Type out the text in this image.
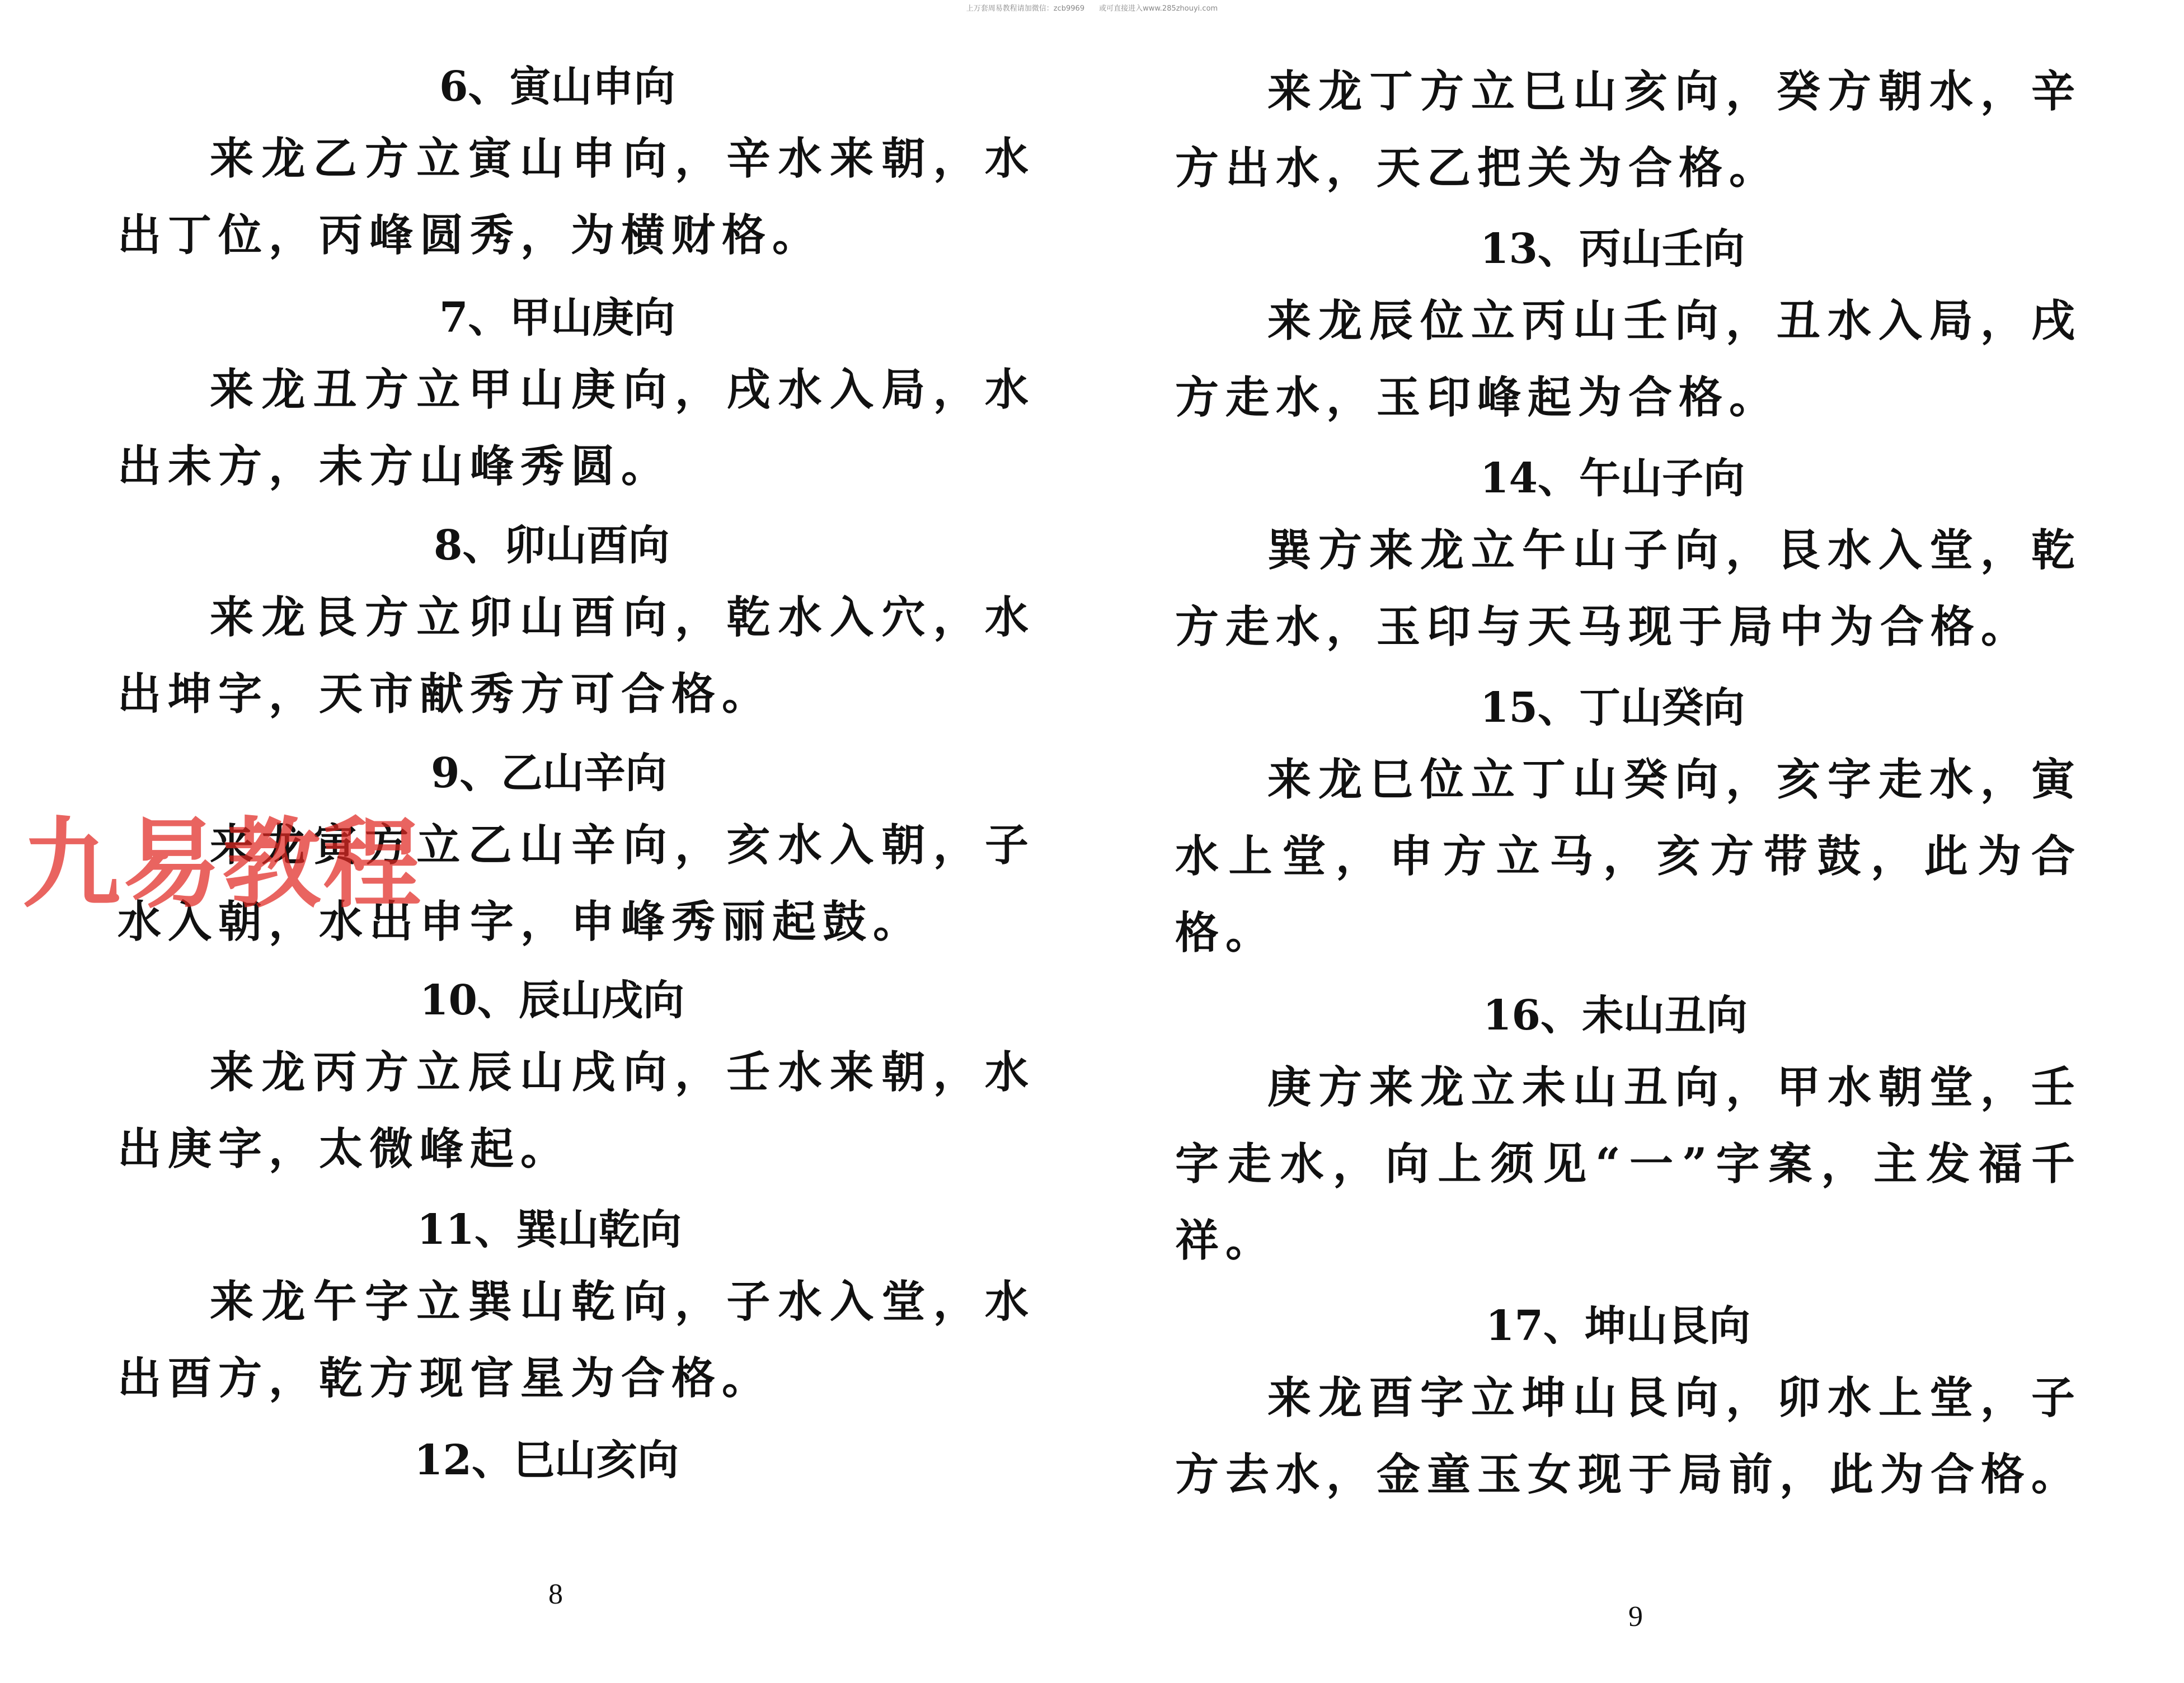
上万套周易教程请加微信：zcb9969　　或可直接进入www.285zhouyi.com
6、寅山申向

来龙乙方立寅山申向，辛水来朝，水出丁位，丙峰圆秀，为横财格。

7、甲山庚向

来龙丑方立甲山庚向，戌水入局，水出未方，未方山峰秀圆。

8、卯山酉向

来龙艮方立卯山酉向，乾水入穴，水出坤字，天市献秀方可合格。

9、乙山辛向

来龙寅方立乙山辛向，亥水入朝，子水入朝，水出申字，申峰秀丽起鼓。

10、辰山戌向

来龙丙方立辰山戌向，壬水来朝，水出庚字，太微峰起。

11、巽山乾向

来龙午字立巽山乾向，子水入堂，水出酉方，乾方现官星为合格。

12、巳山亥向
8

来龙丁方立巳山亥向，癸方朝水，辛方出水，天乙把关为合格。

13、丙山壬向

来龙辰位立丙山壬向，丑水入局，戌方走水，玉印峰起为合格。

14、午山子向

巽方来龙立午山子向，艮水入堂，乾方走水，玉印与天马现于局中为合格。

15、丁山癸向

来龙巳位立丁山癸向，亥字走水，寅水上堂，申方立马，亥方带鼓，此为合格。

16、未山丑向

庚方来龙立未山丑向，甲水朝堂，壬字走水，向上须见“一”字案，主发福千祥。

17、坤山艮向

来龙酉字立坤山艮向，卯水上堂，子方去水，金童玉女现于局前，此为合格。

9
九易教程
